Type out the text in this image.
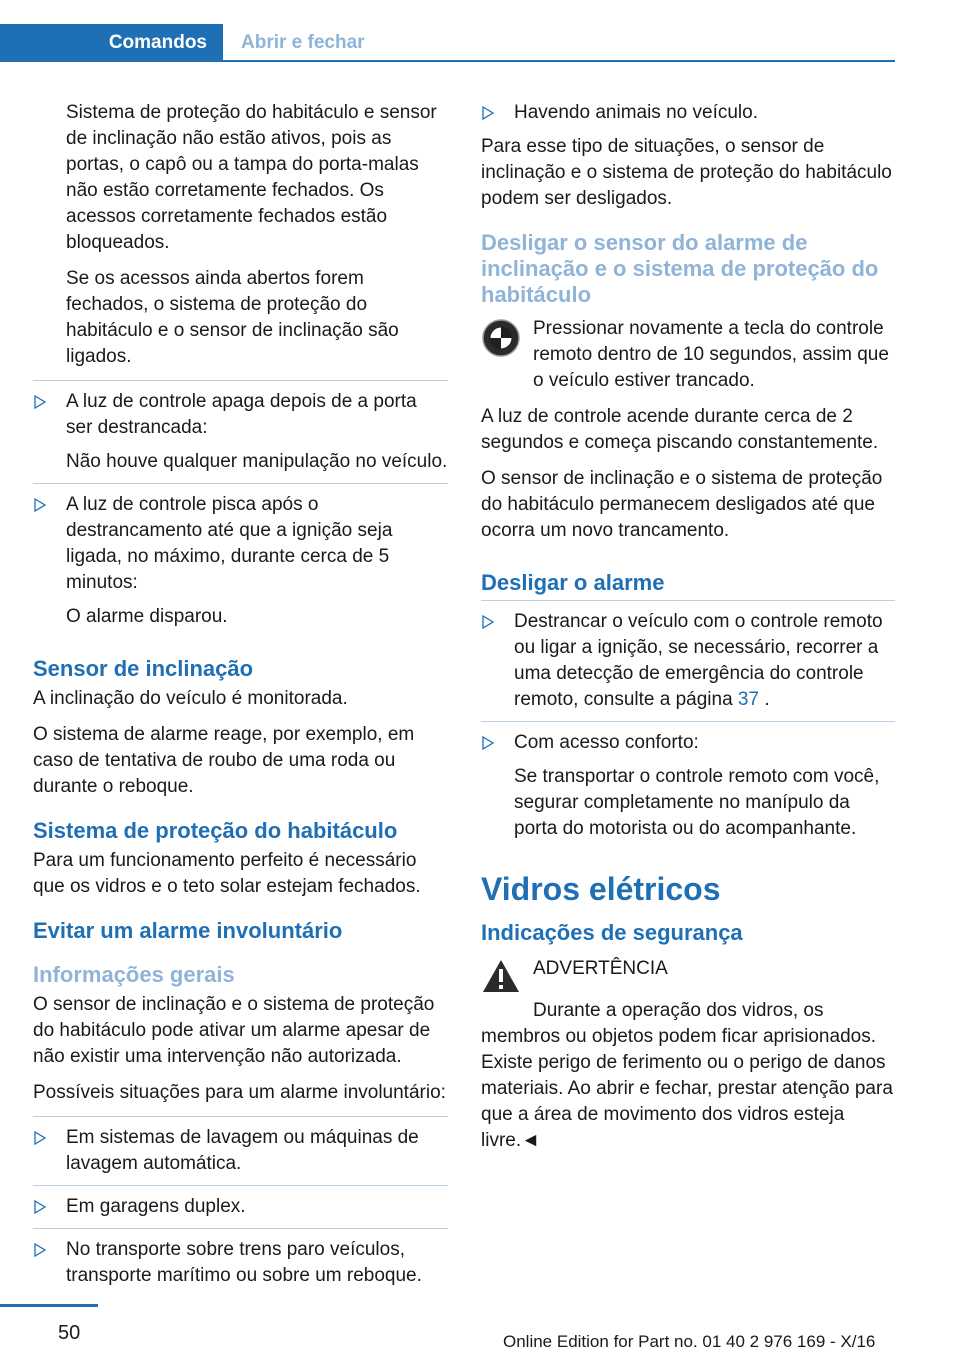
Comandos	Abrir e fechar

Sistema de proteção do habitáculo e sensor de inclinação não estão ativos, pois as portas, o capô ou a tampa do porta-malas não estão corretamente fechados. Os acessos corretamente fechados estão bloqueados.

Se os acessos ainda abertos forem fechados, o sistema de proteção do habitáculo e o sensor de inclinação são ligados.

A luz de controle apaga depois de a porta ser destrancada:

Não houve qualquer manipulação no veículo.

A luz de controle pisca após o destrancamento até que a ignição seja ligada, no máximo, durante cerca de 5 minutos:

O alarme disparou.

Sensor de inclinação

A inclinação do veículo é monitorada.

O sistema de alarme reage, por exemplo, em caso de tentativa de roubo de uma roda ou durante o reboque.

Sistema de proteção do habitáculo

Para um funcionamento perfeito é necessário que os vidros e o teto solar estejam fechados.

Evitar um alarme involuntário
Informações gerais

O sensor de inclinação e o sistema de proteção do habitáculo pode ativar um alarme apesar de não existir uma intervenção não autorizada.

Possíveis situações para um alarme involuntário:

Em sistemas de lavagem ou máquinas de lavagem automática.

Em garagens duplex.

No transporte sobre trens paro veículos, transporte marítimo ou sobre um reboque.

Havendo animais no veículo.

Para esse tipo de situações, o sensor de inclinação e o sistema de proteção do habitáculo podem ser desligados.

Desligar o sensor do alarme de inclinação e o sistema de proteção do habitáculo

Pressionar novamente a tecla do controle remoto dentro de 10 segundos, assim que o veículo estiver trancado.

A luz de controle acende durante cerca de 2 segundos e começa piscando constantemente.

O sensor de inclinação e o sistema de proteção do habitáculo permanecem desligados até que ocorra um novo trancamento.

Desligar o alarme

Destrancar o veículo com o controle remoto ou ligar a ignição, se necessário, recorrer a uma detecção de emergência do controle remoto, consulte a página 37 .

Com acesso conforto:

Se transportar o controle remoto com você, segurar completamente no manípulo da porta do motorista ou do acompanhante.

Vidros elétricos
Indicações de segurança

ADVERTÊNCIA

Durante a operação dos vidros, os membros ou objetos podem ficar aprisionados. Existe perigo de ferimento ou o perigo de danos materiais. Ao abrir e fechar, prestar atenção para que a área de movimento dos vidros esteja livre.◄

50	Online Edition for Part no. 01 40 2 976 169 - X/16
